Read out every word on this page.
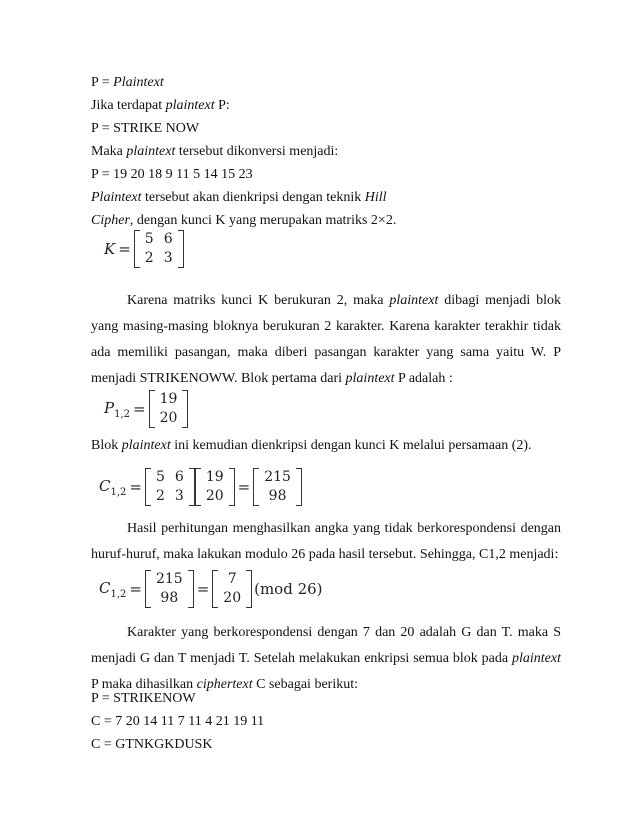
P = Plaintext
Jika terdapat plaintext P:
P = STRIKE NOW
Maka plaintext tersebut dikonversi menjadi:
P = 19 20 18 9 11 5 14 15 23
Plaintext tersebut akan dienkripsi dengan teknik Hill
Cipher, dengan kunci K yang merupakan matriks 2×2.
K =
5	6
2	3
Karena matriks kunci K berukuran 2, maka plaintext dibagi menjadi blok yang masing-masing bloknya berukuran 2 karakter. Karena karakter terakhir tidak ada memiliki pasangan, maka diberi pasangan karakter yang sama yaitu W. P menjadi STRIKENOWW. Blok pertama dari plaintext P adalah :
$P_{1,2}$ =
19
20
Blok plaintext ini kemudian dienkripsi dengan kunci K melalui persamaan (2).
$C_{1,2}$ =
5	6
2	3
19
20 =
215
98
Hasil perhitungan menghasilkan angka yang tidak berkorespondensi dengan huruf-huruf, maka lakukan modulo 26 pada hasil tersebut. Sehingga, C1,2 menjadi:
$C_{1,2}$ =
215
98 =
7
20 (mod 26)
Karakter yang berkorespondensi dengan 7 dan 20 adalah G dan T. maka S menjadi G dan T menjadi T. Setelah melakukan enkripsi semua blok pada plaintext P maka dihasilkan ciphertext C sebagai berikut:
P = STRIKENOW
C = 7 20 14 11 7 11 4 21 19 11
C = GTNKGKDUSK
